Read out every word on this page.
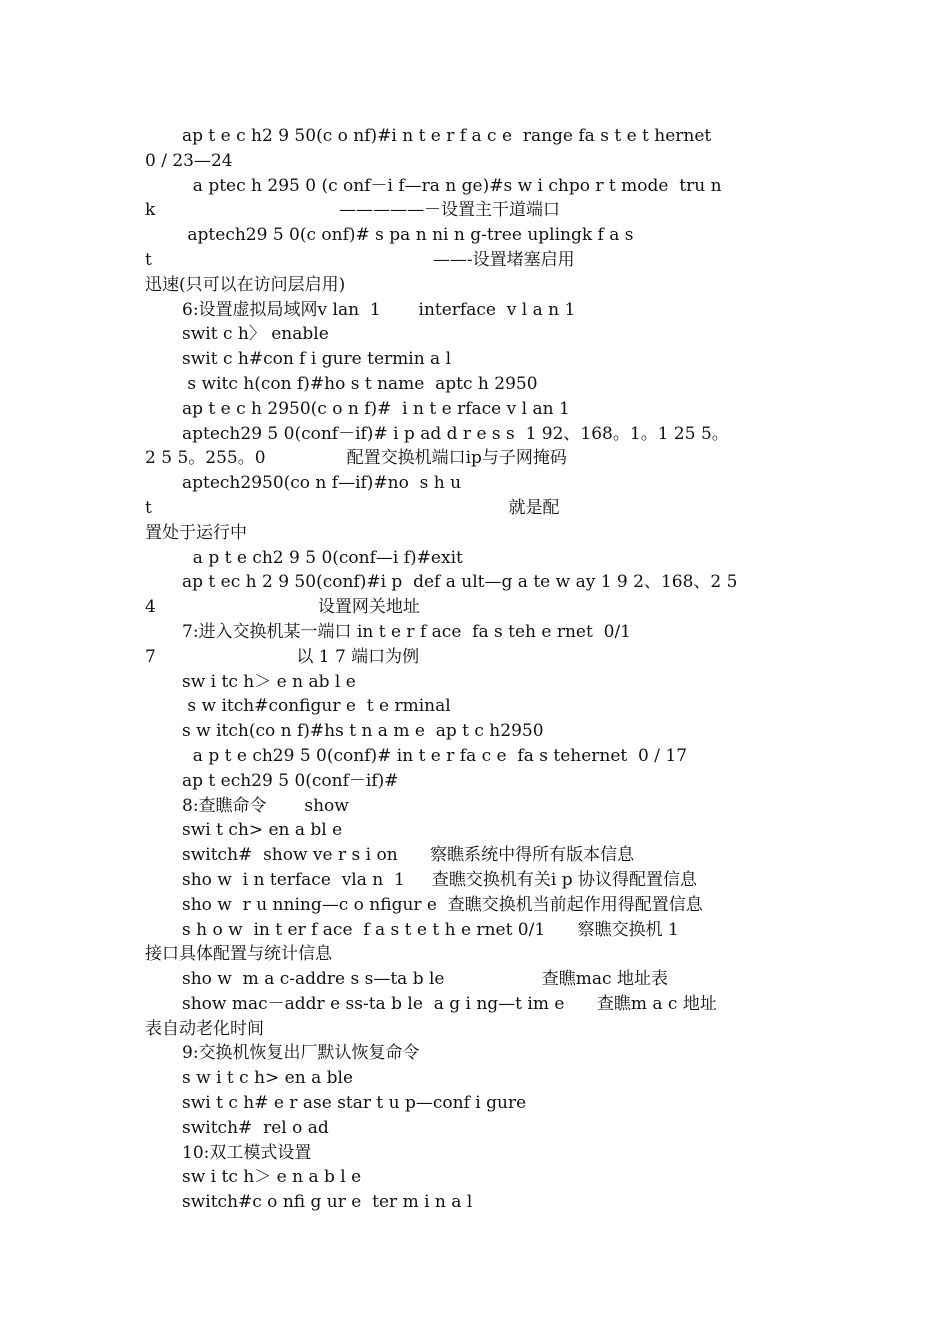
ap t e c h2 9 50(c o nf)#i n t e r f a c e  range fa s t e t hernet
0 / 23—24
a ptec h 295 0 (c onf－i f—ra n ge)#s w i chpo r t mode  tru n
k                                  —————－设置主干道端口
aptech29 5 0(c onf)# s pa n ni n g-tree uplingk f a s
t                                                    ——-设置堵塞启用
迅速(只可以在访问层启用)
6:设置虚拟局域网v lan  1       interface  v l a n 1
swit c h〉 enable
swit c h#con f i gure termin a l
s witc h(con f)#ho s t name  aptc h 2950
ap t e c h 2950(c o n f)#  i n t e rface v l an 1
aptech29 5 0(conf－if)# i p ad d r e s s  1 92、168。1。1 25 5。
2 5 5。255。0               配置交换机端口ip与子网掩码
aptech2950(co n f—if)#no  s h u
t                                                                  就是配
置处于运行中
a p t e ch2 9 5 0(conf—i f)#exit
ap t ec h 2 9 50(conf)#i p  def a ult—g a te w ay 1 9 2、168、2 5
4                              设置网关地址
7:进入交换机某一端口 in t e r f ace  fa s teh e rnet  0/1
7                          以 1 7 端口为例
sw i tc h＞ e n ab l e
s w itch#configur e  t e rminal
s w itch(co n f)#hs t n a m e  ap t c h2950
a p t e ch29 5 0(conf)# in t e r fa c e  fa s tehernet  0 / 17
ap t ech29 5 0(conf－if)#
8:查瞧命令       show
swi t ch> en a bl e
switch#  show ve r s i on      察瞧系统中得所有版本信息
sho w  i n terface  vla n  1     查瞧交换机有关i p 协议得配置信息
sho w  r u nning—c o nfigur e  查瞧交换机当前起作用得配置信息
s h o w  in t er f ace  f a s t e t h e rnet 0/1      察瞧交换机 1
接口具体配置与统计信息
sho w  m a c-addre s s—ta b le                  查瞧mac 地址表
show mac－addr e ss-ta b le  a g i ng—t im e      查瞧m a c 地址
表自动老化时间
9:交换机恢复出厂默认恢复命令
s w i t c h> en a ble
swi t c h# e r ase star t u p—conf i gure
switch#  rel o ad
10:双工模式设置
sw i tc h＞ e n a b l e
switch#c o nfi g ur e  ter m i n a l
